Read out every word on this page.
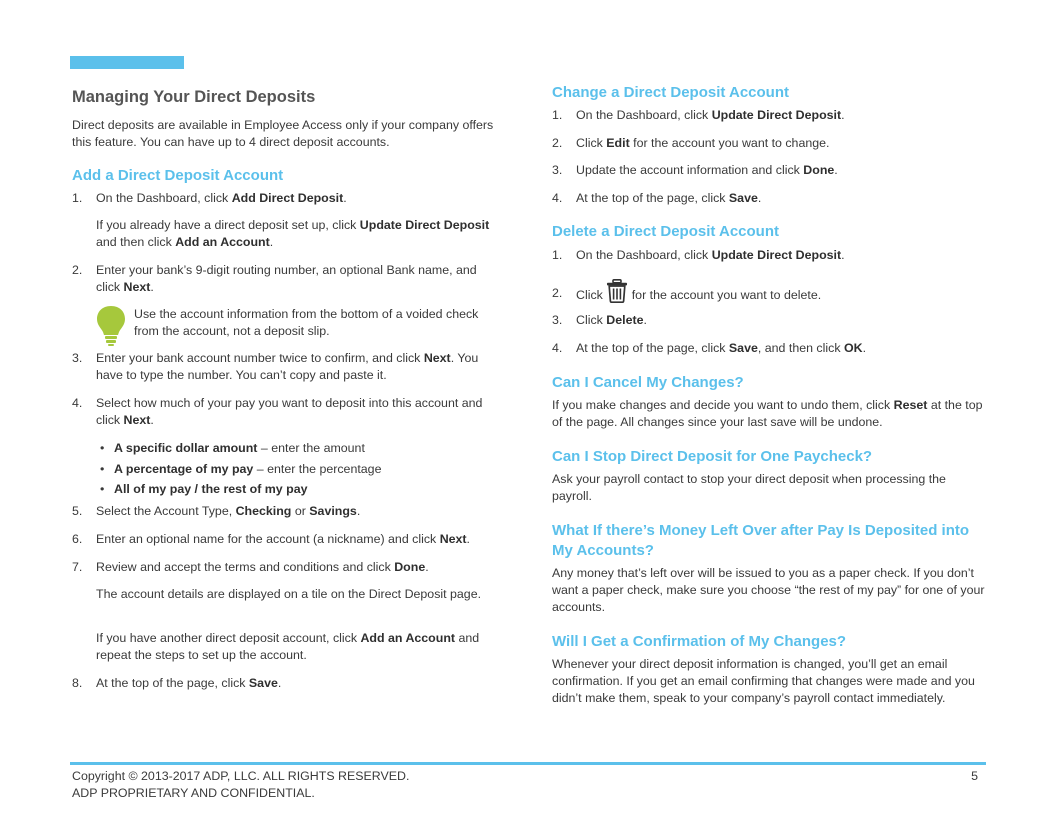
Managing Your Direct Deposits

Direct deposits are available in Employee Access only if your company offers this feature. You can have up to 4 direct deposit accounts.

Add a Direct Deposit Account
1.	On the Dashboard, click Add Direct Deposit.
If you already have a direct deposit set up, click Update Direct Deposit and then click Add an Account.
2.	Enter your bank’s 9-digit routing number, an optional Bank name, and click Next.

Use the account information from the bottom of a voided check from the account, not a deposit slip.

3.	Enter your bank account number twice to confirm, and click Next. You have to type the number. You can’t copy and paste it.
4.	Select how much of your pay you want to deposit into this account and click Next.
• A specific dollar amount – enter the amount
• A percentage of my pay – enter the percentage
• All of my pay / the rest of my pay
5.	Select the Account Type, Checking or Savings.
6.	Enter an optional name for the account (a nickname) and click Next.
7.	Review and accept the terms and conditions and click Done.
The account details are displayed on a tile on the Direct Deposit page.
If you have another direct deposit account, click Add an Account and repeat the steps to set up the account.
8.	At the top of the page, click Save.
Change a Direct Deposit Account
1.	On the Dashboard, click Update Direct Deposit.
2.	Click Edit for the account you want to change.
3.	Update the account information and click Done.
4.	At the top of the page, click Save.
Delete a Direct Deposit Account
1.	On the Dashboard, click Update Direct Deposit.
2.	Click  for the account you want to delete.
3.	Click Delete.
4.	At the top of the page, click Save, and then click OK.
Can I Cancel My Changes?

If you make changes and decide you want to undo them, click Reset at the top of the page. All changes since your last save will be undone.

Can I Stop Direct Deposit for One Paycheck?

Ask your payroll contact to stop your direct deposit when processing the payroll.

What If there’s Money Left Over after Pay Is Deposited into My Accounts?

Any money that’s left over will be issued to you as a paper check. If you don’t want a paper check, make sure you choose “the rest of my pay” for one of your accounts.

Will I Get a Confirmation of My Changes?

Whenever your direct deposit information is changed, you’ll get an email confirmation. If you get an email confirming that changes were made and you didn’t make them, speak to your company’s payroll contact immediately.

Copyright © 2013-2017 ADP, LLC. ALL RIGHTS RESERVED.
ADP PROPRIETARY AND CONFIDENTIAL.
5
